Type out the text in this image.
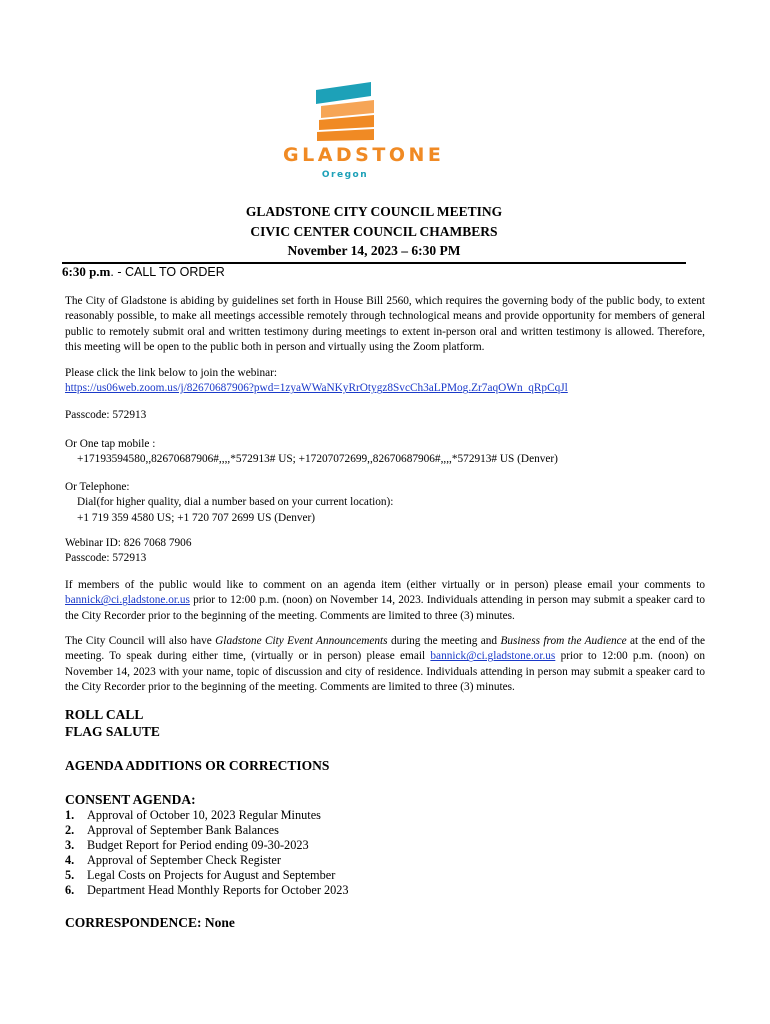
GLADSTONE
Oregon
GLADSTONE CITY COUNCIL MEETING
CIVIC CENTER COUNCIL CHAMBERS
November 14, 2023 – 6:30 PM
6:30 p.m. - CALL TO ORDER
The City of Gladstone is abiding by guidelines set forth in House Bill 2560, which requires the governing body of the public body, to extent reasonably possible, to make all meetings accessible remotely through technological means and provide opportunity for members of general public to remotely submit oral and written testimony during meetings to extent in-person oral and written testimony is allowed. Therefore, this meeting will be open to the public both in person and virtually using the Zoom platform.
Please click the link below to join the webinar:
https://us06web.zoom.us/j/82670687906?pwd=1zyaWWaNKyRrOtygz8SvcCh3aLPMog.Zr7aqOWn_qRpCqJl
Passcode: 572913
Or One tap mobile :
+17193594580,,82670687906#,,,,*572913# US; +17207072699,,82670687906#,,,,*572913# US (Denver)
Or Telephone:
Dial(for higher quality, dial a number based on your current location):
+1 719 359 4580 US; +1 720 707 2699 US (Denver)
Webinar ID: 826 7068 7906
Passcode: 572913
If members of the public would like to comment on an agenda item (either virtually or in person) please email your comments to bannick@ci.gladstone.or.us prior to 12:00 p.m. (noon) on November 14, 2023. Individuals attending in person may submit a speaker card to the City Recorder prior to the beginning of the meeting. Comments are limited to three (3) minutes.
The City Council will also have Gladstone City Event Announcements during the meeting and Business from the Audience at the end of the meeting. To speak during either time, (virtually or in person) please email bannick@ci.gladstone.or.us prior to 12:00 p.m. (noon) on November 14, 2023 with your name, topic of discussion and city of residence. Individuals attending in person may submit a speaker card to the City Recorder prior to the beginning of the meeting. Comments are limited to three (3) minutes.
ROLL CALL
FLAG SALUTE
AGENDA ADDITIONS OR CORRECTIONS
CONSENT AGENDA:
1.	Approval of October 10, 2023 Regular Minutes
2.	Approval of September Bank Balances
3.	Budget Report for Period ending 09-30-2023
4.	Approval of September Check Register
5.	Legal Costs on Projects for August and September
6.	Department Head Monthly Reports for October 2023
CORRESPONDENCE: None
